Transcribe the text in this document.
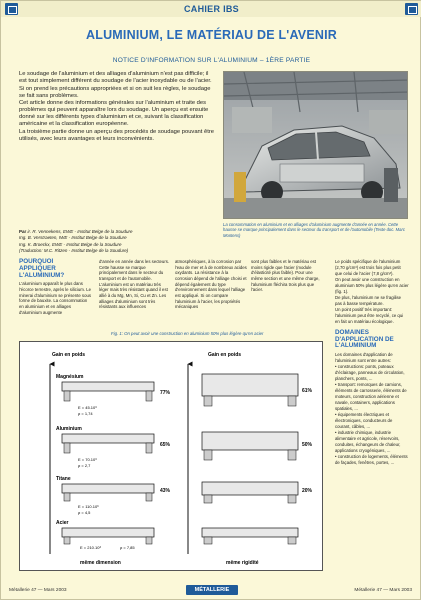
CAHIER IBS
ALUMINIUM, LE MATÉRIAU DE L'AVENIR
NOTICE D'INFORMATION SUR L'ALUMINIUM – 1ÈRE PARTIE

Le soudage de l'aluminium et des alliages d'aluminium n'est pas difficile; il est tout simplement différent du soudage de l'acier inoxydable ou de l'acier.

Si on prend les précautions appropriées et si on suit les règles, le soudage se fait sans problèmes.

Cet article donne des informations générales sur l'aluminium et traite des problèmes qui peuvent apparaître lors du soudage. Un aperçu est ensuite donné sur les différents types d'aluminium et ce, suivant la classification américaine et la classification européenne.

La troisième partie donne un aperçu des procédés de soudage pouvant être utilisés, avec leurs avantages et leurs inconvénients.

Par ir. R. Vennekens, EWE - Institut Belge de la Soudure
Ing. B. Verstraeten, IWE - Institut Belge de la Soudure
Ing. K. Broeckx, EWE - Institut Belge de la Soudure
(Traduction: M.C. Ritzen - Institut Belge de la Soudure)
La consommation en aluminium et en alliages d'aluminium augmente d'année en année. Cette hausse se marque principalement dans le secteur du transport et de l'automobile (Texte doc. Marc Montens)
POURQUOI APPLIQUER L'ALUMINIUM?
L'aluminium apparaît le plus dans l'écorce terrestre, après le silicium. Le minerai d'aluminium se présente sous forme de bauxite. La consommation en aluminium et en alliages d'aluminium augmente
d'année en année dans les secteurs. Cette hausse se marque principalement dans le secteur du transport et de l'automobile. L'aluminium est un matériau très léger mais très résistant quand il est allié à du Mg, Mn, Si, Cu et Zn. Les alliages d'aluminium sont très résistants aux influences
atmosphériques, à la corrosion par l'eau de mer et à de nombreux acides oxydants. La résistance à la corrosion dépend de l'alliage choisi et dépend également du type d'environnement dans lequel l'alliage est appliqué. Si on compare l'aluminium à l'acier, les propriétés mécaniques
sont plus faibles et le matériau est moins rigide que l'acier (module d'élasticité plus faible). Pour une même section et une même charge, l'aluminium fléchira trois plus que l'acier.

Le poids spécifique de l'aluminium (2,70 g/cm³) est trois fois plus petit que celui de l'acier (7,8 g/cm³).

On peut avoir une construction en aluminium 50% plus légère qu'en acier (fig. 1).

De plus, l'aluminium ne se fragilise pas à basse température.

Un point positif très important: l'aluminium peut être recyclé, ce qui en fait un matériau écologique.

DOMAINES D'APPLICATION DE L'ALUMINIUM

Les domaines d'application de l'aluminium sont entre autres:

• constructions: ponts, poteaux d'éclairage, panneaux de circulation, planchers, ponts, ...

• transport: remorques de camions, éléments de carrosserie, éléments de moteurs, construction aérienne et navale, containers, applications spatiales, ...

• équipements électriques et électroniques, conducteurs de courant, câbles, ...

• industrie chimique, industrie alimentaire et agricole, réservoirs, conduites, échangeurs de chaleur, applications cryogéniques, ...

• construction de logements, éléments de façades, fenêtres, portes, ...

Fig. 1: On peut avoir une construction en aluminium 50% plus légère qu'en acier
Gain en poids	Gain en poids
Magnésium
E = 45.10³
ρ = 1,74
77%
Aluminium
E = 70.10³
ρ = 2,7
65%
Titane
E = 110.10³
ρ = 4,5
43%
Acier
E = 210.10³	ρ = 7,85
même dimension
61%
50%
20%
même rigidité
Métallerie 47 — Mars 2003	MÉTALLERIE	Métallerie 47 — Mars 2003
